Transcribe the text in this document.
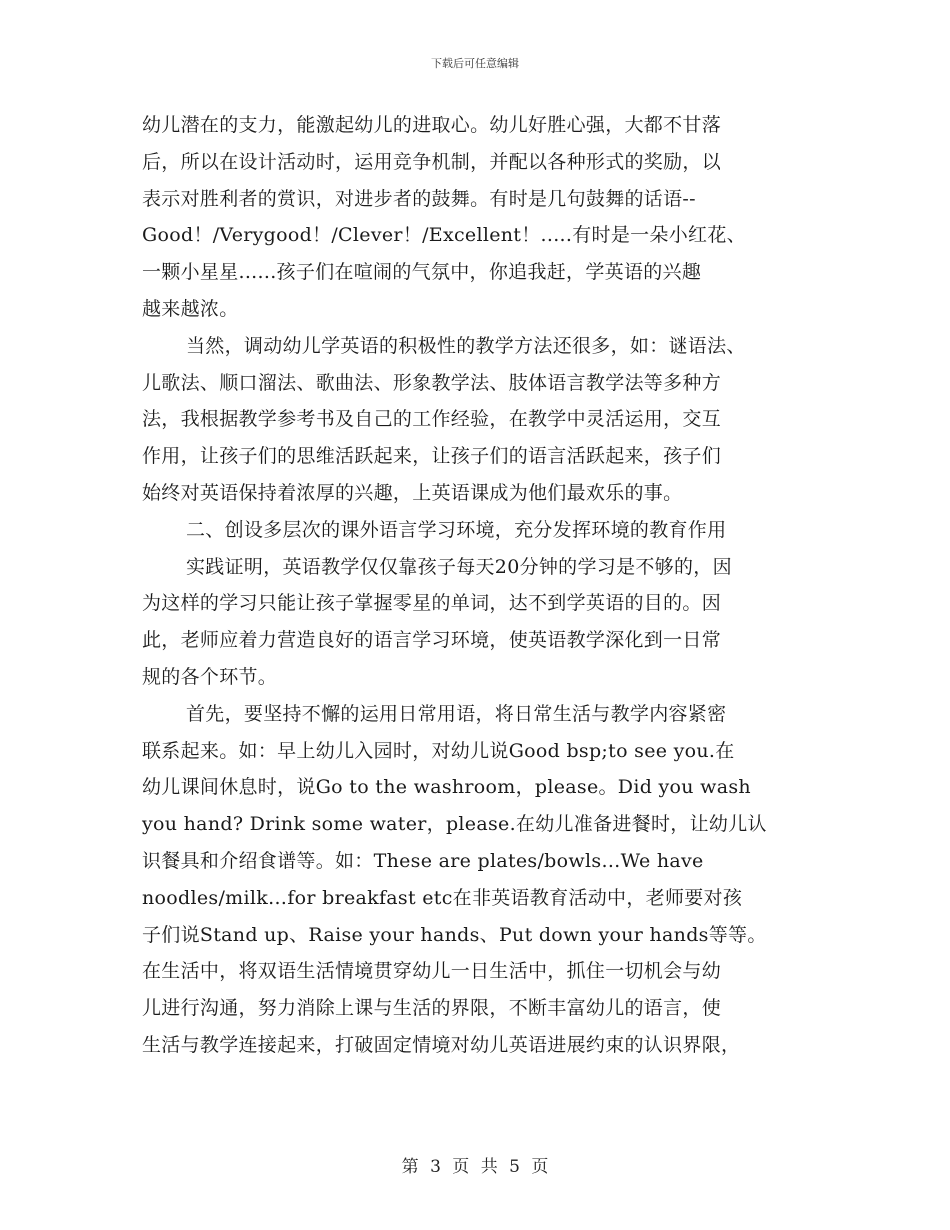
下载后可任意编辑
幼儿潜在的支力，能激起幼儿的进取心。幼儿好胜心强，大都不甘落
后，所以在设计活动时，运用竞争机制，并配以各种形式的奖励，以
表示对胜利者的赏识，对进步者的鼓舞。有时是几句鼓舞的话语--
Good！/Verygood！/Clever！/Excellent！.....有时是一朵小红花、
一颗小星星......孩子们在喧闹的气氛中，你追我赶，学英语的兴趣
越来越浓。
当然，调动幼儿学英语的积极性的教学方法还很多，如：谜语法、
儿歌法、顺口溜法、歌曲法、形象教学法、肢体语言教学法等多种方
法，我根据教学参考书及自己的工作经验，在教学中灵活运用，交互
作用，让孩子们的思维活跃起来，让孩子们的语言活跃起来，孩子们
始终对英语保持着浓厚的兴趣，上英语课成为他们最欢乐的事。
二、创设多层次的课外语言学习环境，充分发挥环境的教育作用
实践证明，英语教学仅仅靠孩子每天20分钟的学习是不够的，因
为这样的学习只能让孩子掌握零星的单词，达不到学英语的目的。因
此，老师应着力营造良好的语言学习环境，使英语教学深化到一日常
规的各个环节。
首先，要坚持不懈的运用日常用语，将日常生活与教学内容紧密
联系起来。如：早上幼儿入园时，对幼儿说Good bsp;to see you.在
幼儿课间休息时，说Go to the washroom，please。Did you wash
you hand? Drink some water，please.在幼儿准备进餐时，让幼儿认
识餐具和介绍食谱等。如：These are plates/bowls…We have
noodles/milk…for breakfast etc在非英语教育活动中，老师要对孩
子们说Stand up、Raise your hands、Put down your hands等等。
在生活中，将双语生活情境贯穿幼儿一日生活中，抓住一切机会与幼
儿进行沟通，努力消除上课与生活的界限，不断丰富幼儿的语言，使
生活与教学连接起来，打破固定情境对幼儿英语进展约束的认识界限，
第 3 页 共 5 页
